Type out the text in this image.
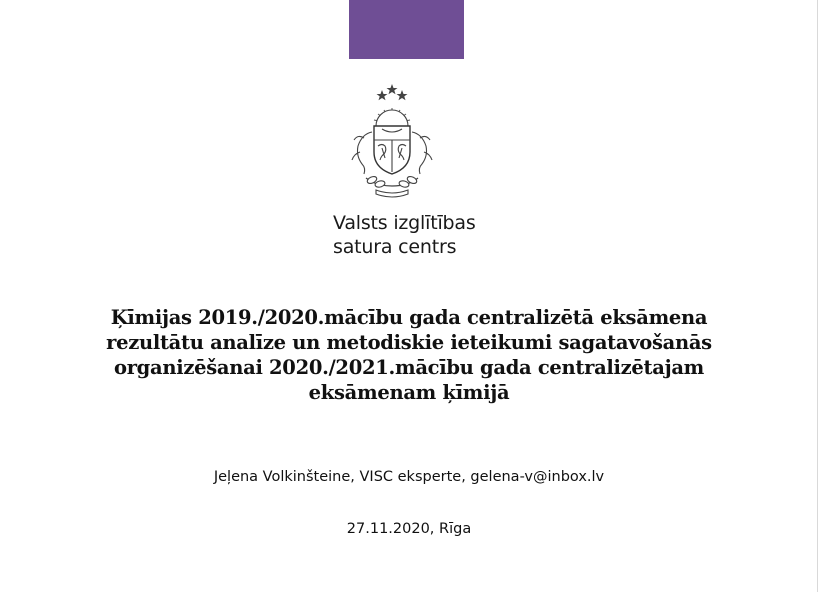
Valsts izglītības
satura centrs
Ķīmijas 2019./2020.mācību gada centralizētā eksāmena
rezultātu analīze un metodiskie ieteikumi sagatavošanās
organizēšanai 2020./2021.mācību gada centralizētajam
eksāmenam ķīmijā
Jeļena Volkinšteine, VISC eksperte, gelena-v@inbox.lv
27.11.2020, Rīga
